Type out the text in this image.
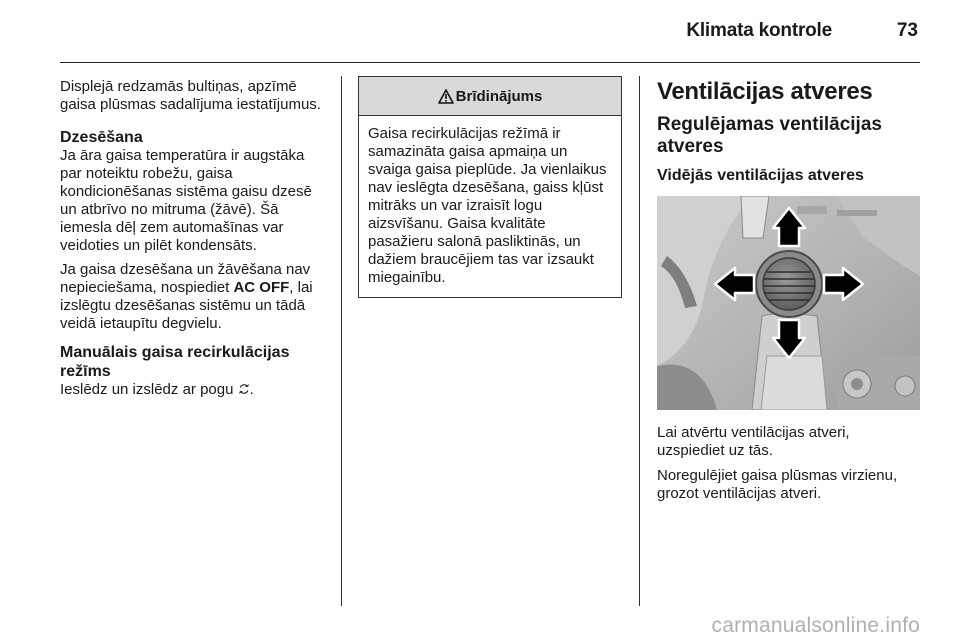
Klimata kontrole	73

Displejā redzamās bultiņas, apzīmē gaisa plūsmas sadalījuma iestatījumus.

Dzesēšana

Ja āra gaisa temperatūra ir augstāka par noteiktu robežu, gaisa kondicionēšanas sistēma gaisu dzesē un atbrīvo no mitruma (žāvē). Šā iemesla dēļ zem automašīnas var veidoties un pilēt kondensāts.

Ja gaisa dzesēšana un žāvēšana nav nepieciešama, nospiediet AC OFF, lai izslēgtu dzesēšanas sistēmu un tādā veidā ietaupītu degvielu.

Manuālais gaisa recirkulācijas režīms

Ieslēdz un izslēdz ar pogu .

Brīdinājums
Gaisa recirkulācijas režīmā ir samazināta gaisa apmaiņa un svaiga gaisa pieplūde. Ja vienlaikus nav ieslēgta dzesēšana, gaiss kļūst mitrāks un var izraisīt logu aizsvīšanu. Gaisa kvalitāte pasažieru salonā pasliktinās, un dažiem braucējiem tas var izsaukt miegainību.
Ventilācijas atveres
Regulējamas ventilācijas atveres
Vidējās ventilācijas atveres

Lai atvērtu ventilācijas atveri, uzspiediet uz tās.

Noregulējiet gaisa plūsmas virzienu, grozot ventilācijas atveri.

carmanualsonline.info
